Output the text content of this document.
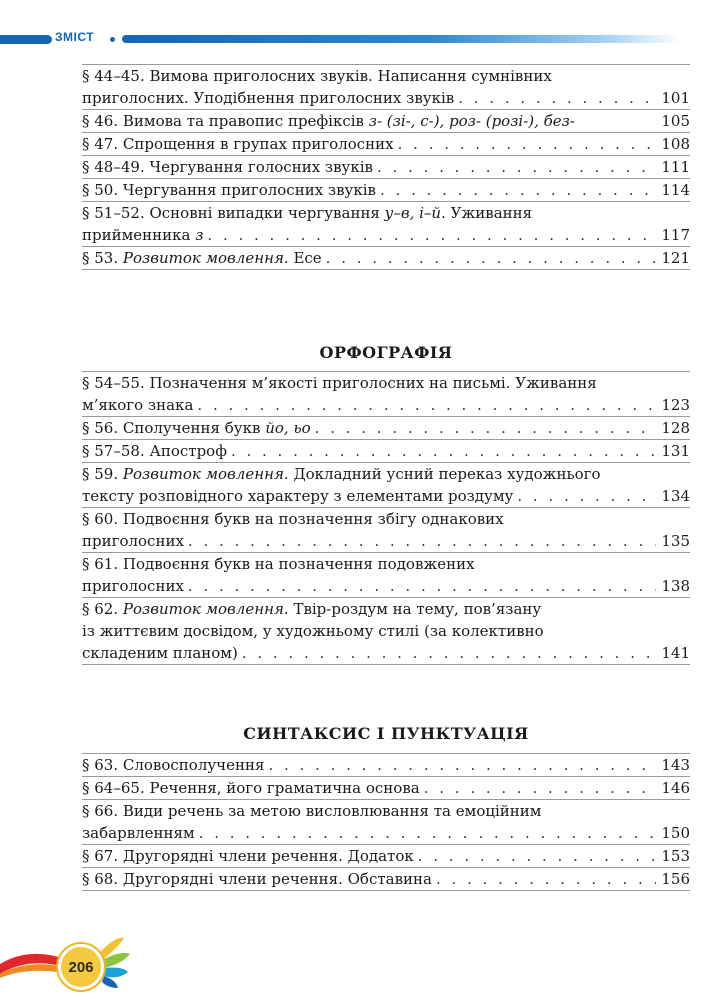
ЗМІСТ
§ 44–45. Вимова приголосних звуків. Написання сумнівних
приголосних. Уподібнення приголосних звуків . . .	101
§ 46. Вимова та правопис префіксів з- (зі-, с-), роз- (розі-), без-	105
§ 47. Спрощення в групах приголосних . . .	108
§ 48–49. Чергування голосних звуків . . .	111
§ 50. Чергування приголосних звуків . . .	114
§ 51–52. Основні випадки чергування у–в, і–й. Уживання
прийменника з . . .	117
§ 53. Розвиток мовлення. Есе . . .	121
ОРФОГРАФІЯ
§ 54–55. Позначення м’якості приголосних на письмі. Уживання
м’якого знака . . .	123
§ 56. Сполучення букв йо, ьо . . .	128
§ 57–58. Апостроф . . .	131
§ 59. Розвиток мовлення. Докладний усний переказ художнього
тексту розповідного характеру з елементами роздуму . . .	134
§ 60. Подвоєння букв на позначення збігу однакових
приголосних . . .	135
§ 61. Подвоєння букв на позначення подовжених
приголосних . . .	138
§ 62. Розвиток мовлення. Твір-роздум на тему, пов’язану
із життєвим досвідом, у художньому стилі (за колективно
складеним планом) . . .	141
СИНТАКСИС І ПУНКТУАЦІЯ
§ 63. Словосполучення . . .	143
§ 64–65. Речення, його граматична основа . . .	146
§ 66. Види речень за метою висловлювання та емоційним
забарвленням . . .	150
§ 67. Другорядні члени речення. Додаток . . .	153
§ 68. Другорядні члени речення. Обставина . . .	156
206
